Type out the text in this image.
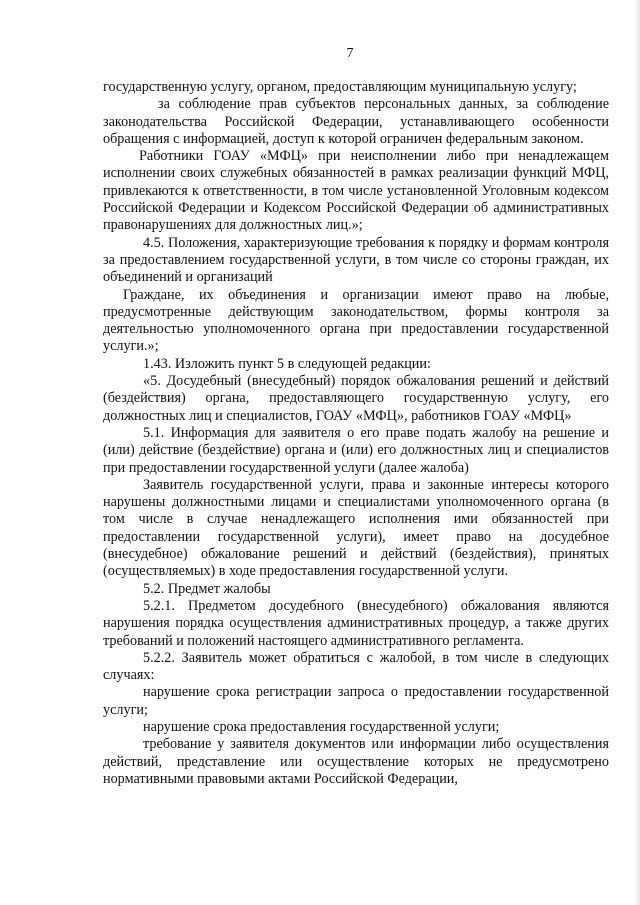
7

государственную услугу, органом, предоставляющим муниципальную услугу;

за соблюдение прав субъектов персональных данных, за соблюдение законодательства Российской Федерации, устанавливающего особенности обращения с информацией, доступ к которой ограничен федеральным законом.

Работники ГОАУ «МФЦ» при неисполнении либо при ненадлежащем исполнении своих служебных обязанностей в рамках реализации функций МФЦ, привлекаются к ответственности, в том числе установленной Уголовным кодексом Российской Федерации и Кодексом Российской Федерации об административных правонарушениях для должностных лиц.»;

4.5. Положения, характеризующие требования к порядку и формам контроля за предоставлением государственной услуги, в том числе со стороны граждан, их объединений и организаций

Граждане, их объединения и организации имеют право на любые, предусмотренные действующим законодательством, формы контроля за деятельностью уполномоченного органа при предоставлении государственной услуги.»;

1.43. Изложить пункт 5 в следующей редакции:

«5. Досудебный (внесудебный) порядок обжалования решений и действий (бездействия) органа, предоставляющего государственную услугу, его должностных лиц и специалистов, ГОАУ «МФЦ», работников ГОАУ «МФЦ»

5.1. Информация для заявителя о его праве подать жалобу на решение и (или) действие (бездействие) органа и (или) его должностных лиц и специалистов при предоставлении государственной услуги (далее жалоба)

Заявитель государственной услуги, права и законные интересы которого нарушены должностными лицами и специалистами уполномоченного органа (в том числе в случае ненадлежащего исполнения ими обязанностей при предоставлении государственной услуги), имеет право на досудебное (внесудебное) обжалование решений и действий (бездействия), принятых (осуществляемых) в ходе предоставления государственной услуги.

5.2. Предмет жалобы

5.2.1. Предметом досудебного (внесудебного) обжалования являются нарушения порядка осуществления административных процедур, а также других требований и положений настоящего административного регламента.

5.2.2. Заявитель может обратиться с жалобой, в том числе в следующих случаях:

нарушение срока регистрации запроса о предоставлении государственной услуги;

нарушение срока предоставления государственной услуги;

требование у заявителя документов или информации либо осуществления действий, представление или осуществление которых не предусмотрено нормативными правовыми актами Российской Федерации,
